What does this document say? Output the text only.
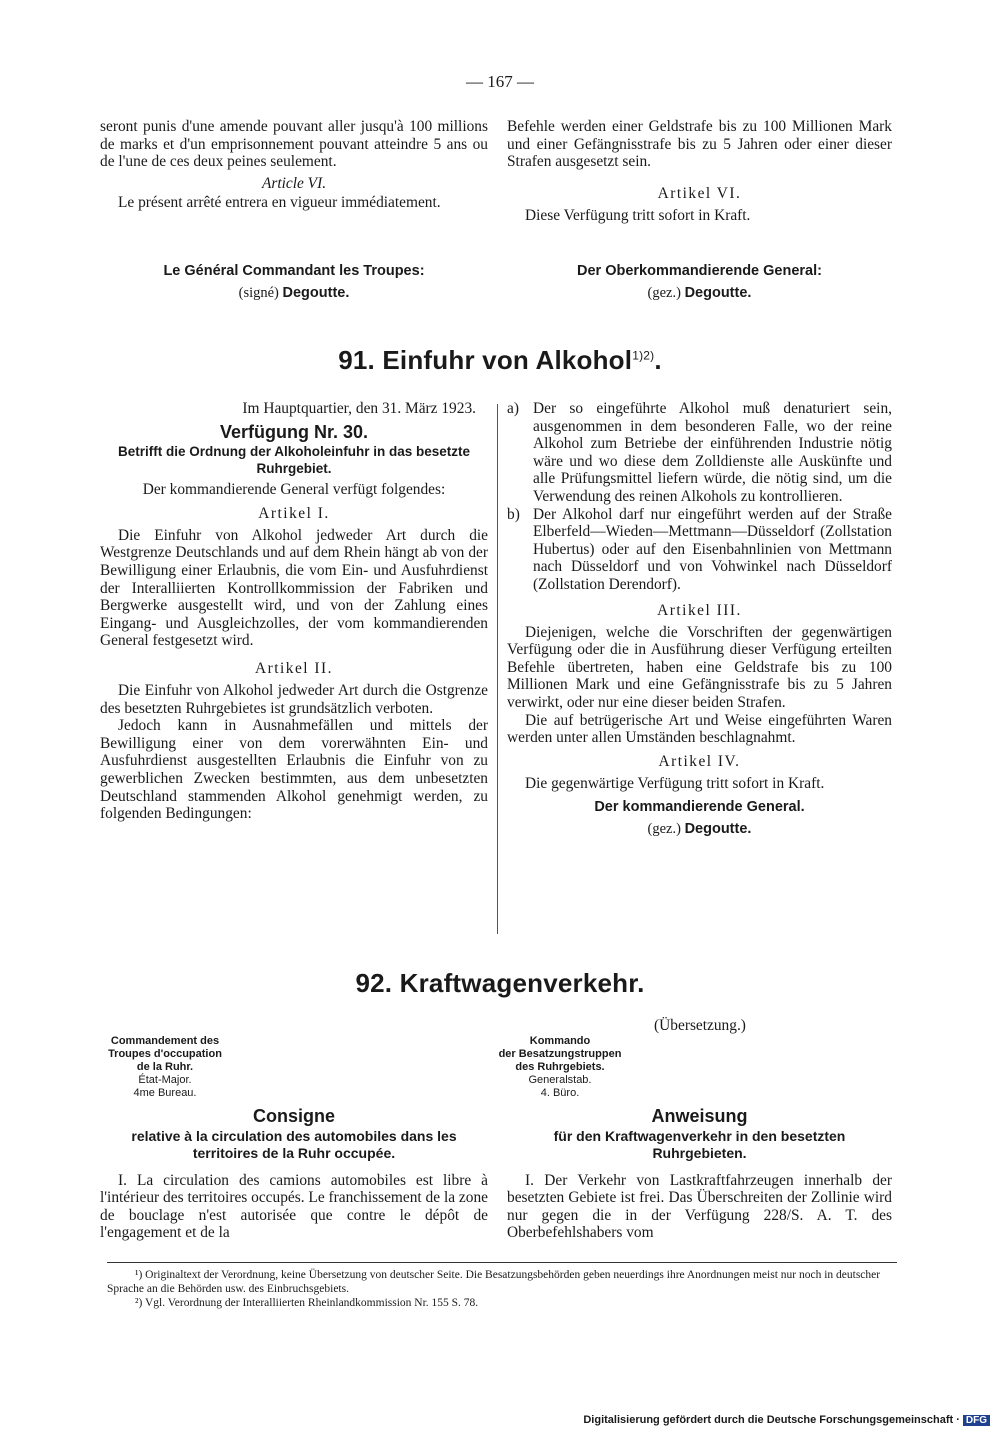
— 167 —

seront punis d'une amende pouvant aller jusqu'à 100 millions de marks et d'un emprisonnement pouvant atteindre 5 ans ou de l'une de ces deux peines seulement.

Article VI.

Le présent arrêté entrera en vigueur immédiatement.

Le Général Commandant les Troupes:
(signé) Degoutte.

Befehle werden einer Geldstrafe bis zu 100 Millionen Mark und einer Gefängnisstrafe bis zu 5 Jahren oder einer dieser Strafen ausgesetzt sein.

Artikel VI.

Diese Verfügung tritt sofort in Kraft.

Der Oberkommandierende General:
(gez.) Degoutte.
91. Einfuhr von Alkohol$^{1)2)}$.

Im Hauptquartier, den 31. März 1923.

Verfügung Nr. 30.

Betrifft die Ordnung der Alkoholeinfuhr in das besetzte Ruhrgebiet.

Der kommandierende General verfügt folgendes:

Artikel I.

Die Einfuhr von Alkohol jedweder Art durch die Westgrenze Deutschlands und auf dem Rhein hängt ab von der Bewilligung einer Erlaubnis, die vom Ein- und Ausfuhrdienst der Interalliierten Kontrollkommission der Fabriken und Bergwerke ausgestellt wird, und von der Zahlung eines Eingang- und Ausgleichzolles, der vom kommandierenden General festgesetzt wird.

Artikel II.

Die Einfuhr von Alkohol jedweder Art durch die Ostgrenze des besetzten Ruhrgebietes ist grundsätzlich verboten.

Jedoch kann in Ausnahmefällen und mittels der Bewilligung einer von dem vorerwähnten Ein- und Ausfuhrdienst ausgestellten Erlaubnis die Einfuhr von zu gewerblichen Zwecken bestimmten, aus dem unbesetzten Deutschland stammenden Alkohol genehmigt werden, zu folgenden Bedingungen:

a) Der so eingeführte Alkohol muß denaturiert sein, ausgenommen in dem besonderen Falle, wo der reine Alkohol zum Betriebe der einführenden Industrie nötig wäre und wo diese dem Zolldienste alle Auskünfte und alle Prüfungsmittel liefern würde, die nötig sind, um die Verwendung des reinen Alkohols zu kontrollieren.
b) Der Alkohol darf nur eingeführt werden auf der Straße Elberfeld—Wieden—Mettmann—Düsseldorf (Zollstation Hubertus) oder auf den Eisenbahnlinien von Mettmann nach Düsseldorf und von Vohwinkel nach Düsseldorf (Zollstation Derendorf).

Artikel III.

Diejenigen, welche die Vorschriften der gegenwärtigen Verfügung oder die in Ausführung dieser Verfügung erteilten Befehle übertreten, haben eine Geldstrafe bis zu 100 Millionen Mark und eine Gefängnisstrafe bis zu 5 Jahren verwirkt, oder nur eine dieser beiden Strafen.

Die auf betrügerische Art und Weise eingeführten Waren werden unter allen Umständen beschlagnahmt.

Artikel IV.

Die gegenwärtige Verfügung tritt sofort in Kraft.

Der kommandierende General.
(gez.) Degoutte.
92. Kraftwagenverkehr.
(Übersetzung.)
Commandement des
Troupes d'occupation
de la Ruhr.
État-Major.
4me Bureau.
Kommando
der Besatzungstruppen
des Ruhrgebiets.
Generalstab.
4. Büro.

Consigne

relative à la circulation des automobiles dans les territoires de la Ruhr occupée.

I. La circulation des camions automobiles est libre à l'intérieur des territoires occupés. Le franchissement de la zone de bouclage n'est autorisée que contre le dépôt de l'engagement et de la

Anweisung

für den Kraftwagenverkehr in den besetzten Ruhrgebieten.

I. Der Verkehr von Lastkraftfahrzeugen innerhalb der besetzten Gebiete ist frei. Das Überschreiten der Zollinie wird nur gegen die in der Verfügung 228/S. A. T. des Oberbefehlshabers vom

¹) Originaltext der Verordnung, keine Übersetzung von deutscher Seite. Die Besatzungsbehörden geben neuerdings ihre Anordnungen meist nur noch in deutscher Sprache an die Behörden usw. des Einbruchsgebiets.

²) Vgl. Verordnung der Interalliierten Rheinlandkommission Nr. 155 S. 78.

Digitalisierung gefördert durch die Deutsche Forschungsgemeinschaft · DFG
